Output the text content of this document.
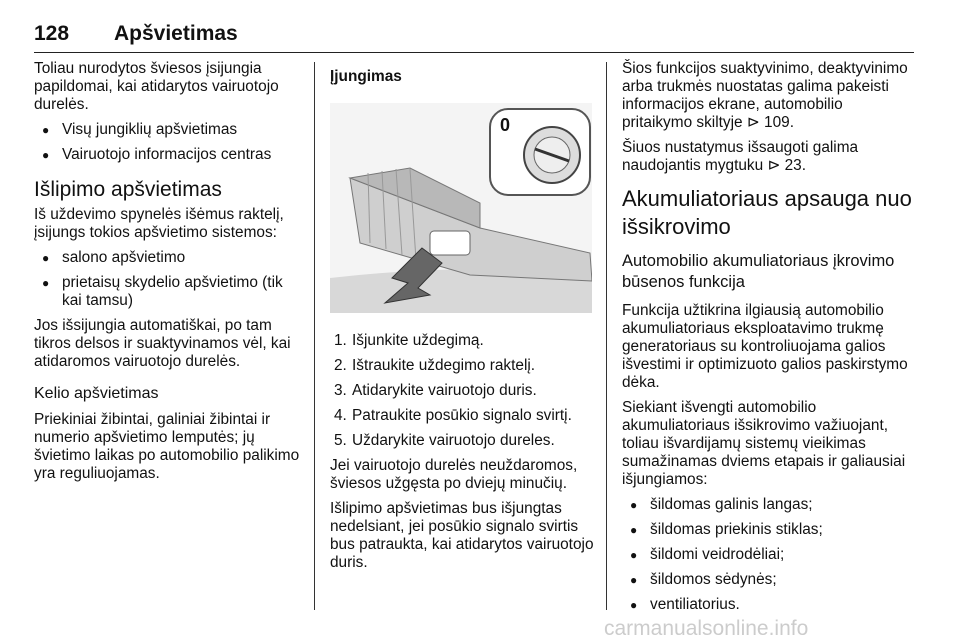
128 Apšvietimas

Toliau nurodytos šviesos įsijungia papildomai, kai atidarytos vairuotojo durelės.

● Visų jungiklių apšvietimas
● Vairuotojo informacijos centras
Išlipimo apšvietimas

Iš uždevimo spynelės išėmus raktelį, įsijungs tokios apšvietimo sistemos:

● salono apšvietimo
● prietaisų skydelio apšvietimo (tik kai tamsu)

Jos išsijungia automatiškai, po tam tikros delsos ir suaktyvinamos vėl, kai atidaromos vairuotojo durelės.

Kelio apšvietimas

Priekiniai žibintai, galiniai žibintai ir numerio apšvietimo lemputės; jų švietimo laikas po automobilio palikimo yra reguliuojamas.

Įjungimas

0
1. Išjunkite uždegimą.
2. Ištraukite uždegimo raktelį.
3. Atidarykite vairuotojo duris.
4. Patraukite posūkio signalo svirtį.
5. Uždarykite vairuotojo dureles.

Jei vairuotojo durelės neuždaromos, šviesos užgęsta po dviejų minučių.

Išlipimo apšvietimas bus išjungtas nedelsiant, jei posūkio signalo svirtis bus patraukta, kai atidarytos vairuotojo duris.

Šios funkcijos suaktyvinimo, deaktyvinimo arba trukmės nuostatas galima pakeisti informacijos ekrane, automobilio pritaikymo skiltyje ⊳ 109.

Šiuos nustatymus išsaugoti galima naudojantis mygtuku ⊳ 23.

Akumuliatoriaus apsauga nuo išsikrovimo
Automobilio akumuliatoriaus įkrovimo būsenos funkcija

Funkcija užtikrina ilgiausią automobilio akumuliatoriaus eksploatavimo trukmę generatoriaus su kontroliuojama galios išvestimi ir optimizuoto galios paskirstymo dėka.

Siekiant išvengti automobilio akumuliatoriaus išsikrovimo važiuojant, toliau išvardijamų sistemų vieikimas sumažinamas dviems etapais ir galiausiai išjungiamos:

● šildomas galinis langas;
● šildomas priekinis stiklas;
● šildomi veidrodėliai;
● šildomos sėdynės;
● ventiliatorius.
carmanualsonline.info
